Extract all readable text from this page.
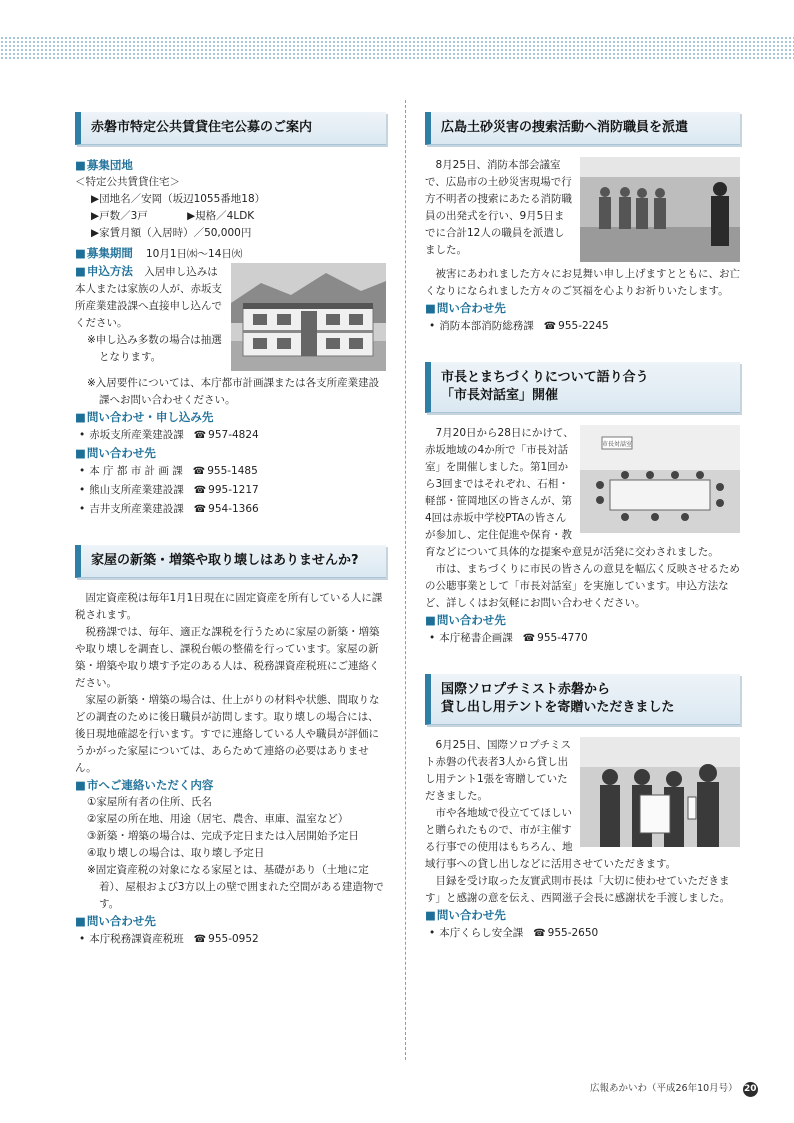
赤磐市特定公共賃貸住宅公募のご案内
■ 募集団地
＜特定公共賃貸住宅＞
▶団地名／安岡（坂辺1055番地18）
▶戸数／3戸	▶規格／4LDK
▶家賃月額（入居時）／50,000円
■ 募集期間 10月1日㈬～14日㈫
■ 申込方法 入居申し込みは本人または家族の人が、赤坂支所産業建設課へ直接申し込んでください。
※申し込み多数の場合は抽選となります。
※入居要件については、本庁都市計画課または各支所産業建設課へお問い合わせください。
■ 問い合わせ・申し込み先
• 赤坂支所産業建設課 ☎ 957-4824
■ 問い合わせ先
• 本 庁 都 市 計 画 課 ☎ 955-1485
• 熊山支所産業建設課 ☎ 995-1217
• 吉井支所産業建設課 ☎ 954-1366
家屋の新築・増築や取り壊しはありませんか?
固定資産税は毎年1月1日現在に固定資産を所有している人に課税されます。
税務課では、毎年、適正な課税を行うために家屋の新築・増築や取り壊しを調査し、課税台帳の整備を行っています。家屋の新築・増築や取り壊す予定のある人は、税務課資産税班にご連絡ください。
家屋の新築・増築の場合は、仕上がりの材料や状態、間取りなどの調査のために後日職員が訪問します。取り壊しの場合には、後日現地確認を行います。すでに連絡している人や職員が評価にうかがった家屋については、あらためて連絡の必要はありません。
■ 市へご連絡いただく内容
①家屋所有者の住所、氏名
②家屋の所在地、用途（居宅、農舎、車庫、温室など）
③新築・増築の場合は、完成予定日または入居開始予定日
④取り壊しの場合は、取り壊し予定日
※固定資産税の対象になる家屋とは、基礎があり（土地に定着）、屋根および3方以上の壁で囲まれた空間がある建造物です。
■ 問い合わせ先
• 本庁税務課資産税班 ☎ 955-0952
広島土砂災害の捜索活動へ消防職員を派遣
8月25日、消防本部会議室で、広島市の土砂災害現場で行方不明者の捜索にあたる消防職員の出発式を行い、9月5日までに合計12人の職員を派遣しました。
被害にあわれました方々にお見舞い申し上げますとともに、お亡くなりになられました方々のご冥福を心よりお祈りいたします。
■ 問い合わせ先
• 消防本部消防総務課 ☎ 955-2245
市長とまちづくりについて語り合う
「市長対話室」開催
市長対話室
7月20日から28日にかけて、赤坂地域の4か所で「市長対話室」を開催しました。第1回から3回まではそれぞれ、石相・軽部・笹岡地区の皆さんが、第4回は赤坂中学校PTAの皆さんが参加し、定住促進や保育・教育などについて具体的な提案や意見が活発に交わされました。
市は、まちづくりに市民の皆さんの意見を幅広く反映させるための公聴事業として「市長対話室」を実施しています。申込方法など、詳しくはお気軽にお問い合わせください。
■ 問い合わせ先
• 本庁秘書企画課 ☎ 955-4770
国際ソロプチミスト赤磐から
貸し出し用テントを寄贈いただきました
6月25日、国際ソロプチミスト赤磐の代表者3人から貸し出し用テント1張を寄贈していただきました。
市や各地域で役立ててほしいと贈られたもので、市が主催する行事での使用はもちろん、地域行事への貸し出しなどに活用させていただきます。
目録を受け取った友實武則市長は「大切に使わせていただきます」と感謝の意を伝え、西岡滋子会長に感謝状を手渡しました。
■ 問い合わせ先
• 本庁くらし安全課 ☎ 955-2650
広報あかいわ（平成26年10月号） 20
